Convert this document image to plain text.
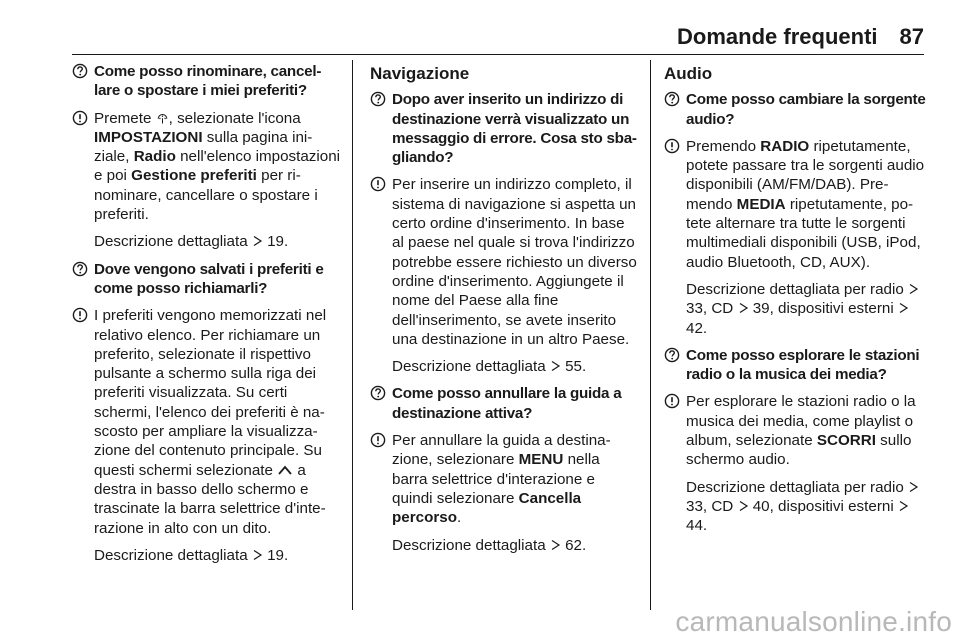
Domande frequenti 87
Come posso rinominare, cancellare o spostare i miei preferiti?
Premete , selezionate l'icona IMPOSTAZIONI sulla pagina iniziale, Radio nell'elenco impostazioni e poi Gestione preferiti per rinominare, cancellare o spostare i preferiti.
Descrizione dettagliata  19.
Dove vengono salvati i preferiti e come posso richiamarli?
I preferiti vengono memorizzati nel relativo elenco. Per richiamare un preferito, selezionate il rispettivo pulsante a schermo sulla riga dei preferiti visualizzata. Su certi schermi, l'elenco dei preferiti è nascosto per ampliare la visualizzazione del contenuto principale. Su questi schermi selezionate  a destra in basso dello schermo e trascinate la barra selettrice d'interazione in alto con un dito.
Descrizione dettagliata  19.
Navigazione
Dopo aver inserito un indirizzo di destinazione verrà visualizzato un messaggio di errore. Cosa sto sbagliando?
Per inserire un indirizzo completo, il sistema di navigazione si aspetta un certo ordine d'inserimento. In base al paese nel quale si trova l'indirizzo potrebbe essere richiesto un diverso ordine d'inserimento. Aggiungete il nome del Paese alla fine dell'inserimento, se avete inserito una destinazione in un altro Paese.
Descrizione dettagliata  55.
Come posso annullare la guida a destinazione attiva?
Per annullare la guida a destinazione, selezionare MENU nella barra selettrice d'interazione e quindi selezionare Cancella percorso.
Descrizione dettagliata  62.
Audio
Come posso cambiare la sorgente audio?
Premendo RADIO ripetutamente, potete passare tra le sorgenti audio disponibili (AM/FM/DAB). Premendo MEDIA ripetutamente, potete alternare tra tutte le sorgenti multimediali disponibili (USB, iPod, audio Bluetooth, CD, AUX).
Descrizione dettagliata per radio  33, CD  39, dispositivi esterni  42.
Come posso esplorare le stazioni radio o la musica dei media?
Per esplorare le stazioni radio o la musica dei media, come playlist o album, selezionate SCORRI sullo schermo audio.
Descrizione dettagliata per radio  33, CD  40, dispositivi esterni  44.
carmanualsonline.info
